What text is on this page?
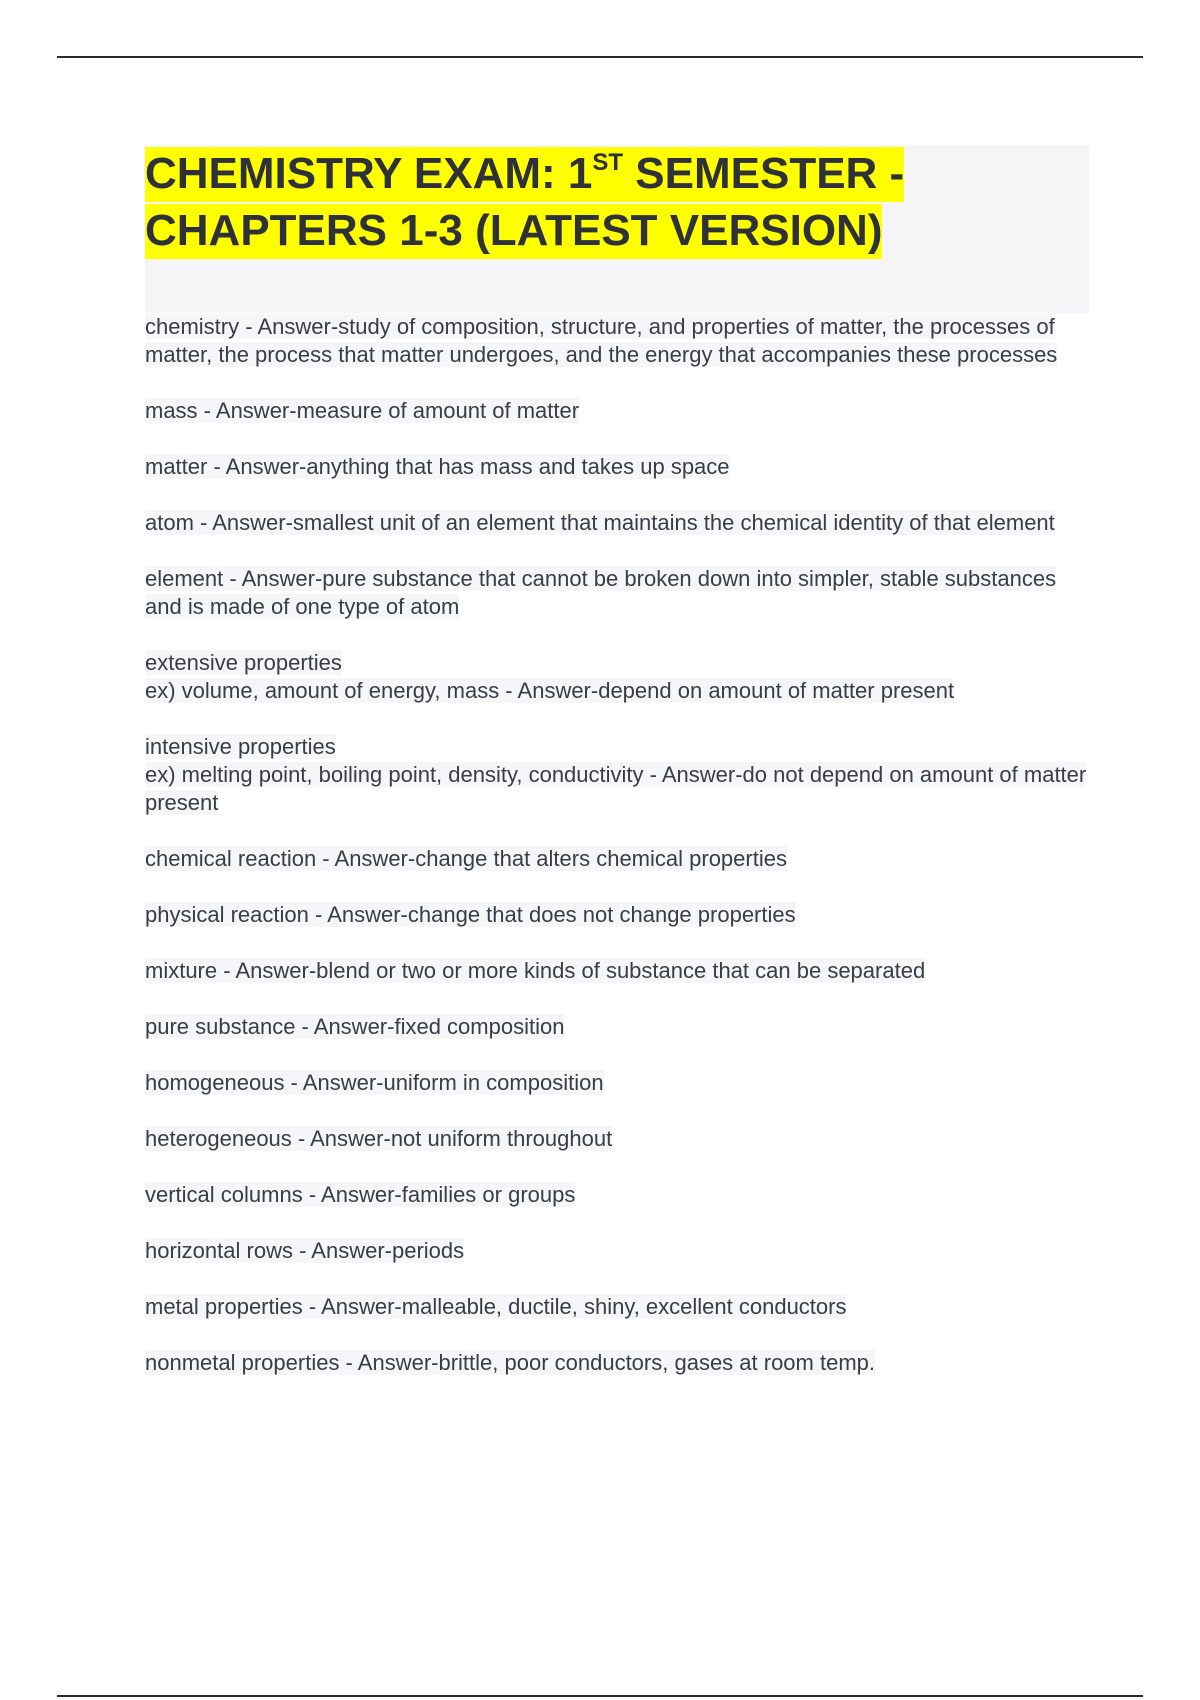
CHEMISTRY EXAM: 1ST SEMESTER - CHAPTERS 1-3 (LATEST VERSION)

chemistry - Answer-study of composition, structure, and properties of matter, the processes of matter, the process that matter undergoes, and the energy that accompanies these processes

mass - Answer-measure of amount of matter

matter - Answer-anything that has mass and takes up space

atom - Answer-smallest unit of an element that maintains the chemical identity of that element

element - Answer-pure substance that cannot be broken down into simpler, stable substances and is made of one type of atom

extensive properties
ex) volume, amount of energy, mass - Answer-depend on amount of matter present

intensive properties
ex) melting point, boiling point, density, conductivity - Answer-do not depend on amount of matter present

chemical reaction - Answer-change that alters chemical properties

physical reaction - Answer-change that does not change properties

mixture - Answer-blend or two or more kinds of substance that can be separated

pure substance - Answer-fixed composition

homogeneous - Answer-uniform in composition

heterogeneous - Answer-not uniform throughout

vertical columns - Answer-families or groups

horizontal rows - Answer-periods

metal properties - Answer-malleable, ductile, shiny, excellent conductors

nonmetal properties - Answer-brittle, poor conductors, gases at room temp.
